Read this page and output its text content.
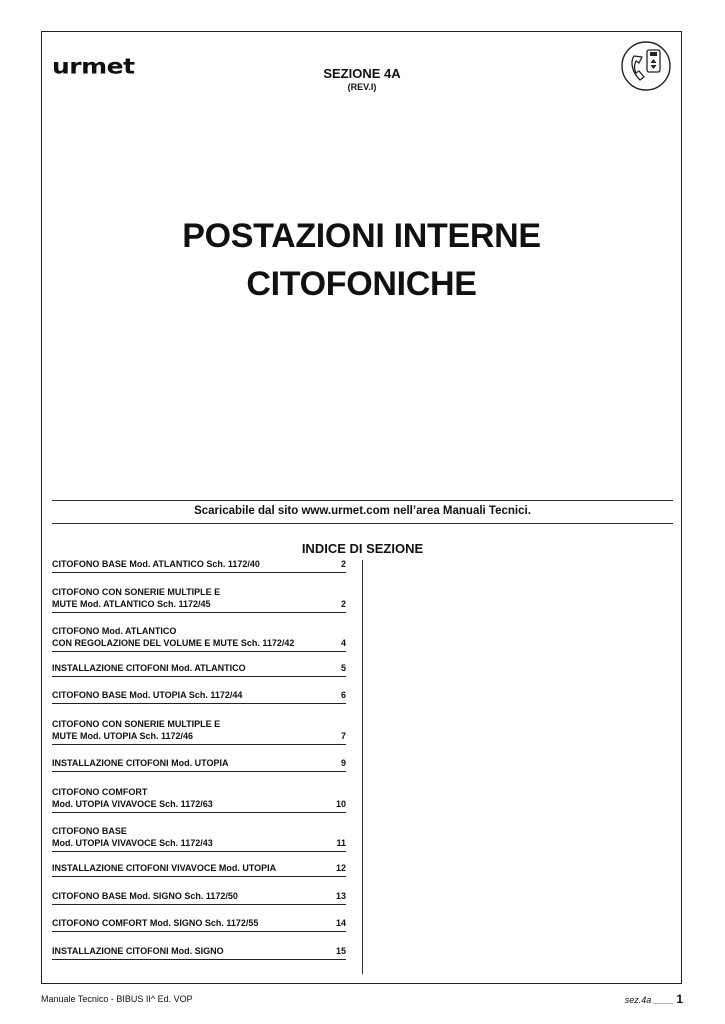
urmet	SEZIONE 4A
(REV.I)
POSTAZIONI INTERNE
CITOFONICHE
Scaricabile dal sito www.urmet.com nell’area Manuali Tecnici.
INDICE DI SEZIONE
CITOFONO BASE Mod. ATLANTICO Sch. 1172/40	2
CITOFONO CON SONERIE MULTIPLE E
MUTE Mod. ATLANTICO Sch. 1172/45	2
CITOFONO Mod. ATLANTICO
CON REGOLAZIONE DEL VOLUME E MUTE Sch. 1172/42	4
INSTALLAZIONE CITOFONI Mod. ATLANTICO	5
CITOFONO BASE Mod. UTOPIA Sch. 1172/44	6
CITOFONO CON SONERIE MULTIPLE E
MUTE Mod. UTOPIA Sch. 1172/46	7
INSTALLAZIONE CITOFONI Mod. UTOPIA	9
CITOFONO COMFORT
Mod. UTOPIA VIVAVOCE Sch. 1172/63	10
CITOFONO BASE
Mod. UTOPIA VIVAVOCE Sch. 1172/43	11
INSTALLAZIONE CITOFONI VIVAVOCE Mod. UTOPIA	12
CITOFONO BASE Mod. SIGNO Sch. 1172/50	13
CITOFONO COMFORT Mod. SIGNO Sch. 1172/55	14
INSTALLAZIONE CITOFONI Mod. SIGNO	15
Manuale Tecnico - BIBUS II^ Ed. VOP	sez.4a ____ 1
